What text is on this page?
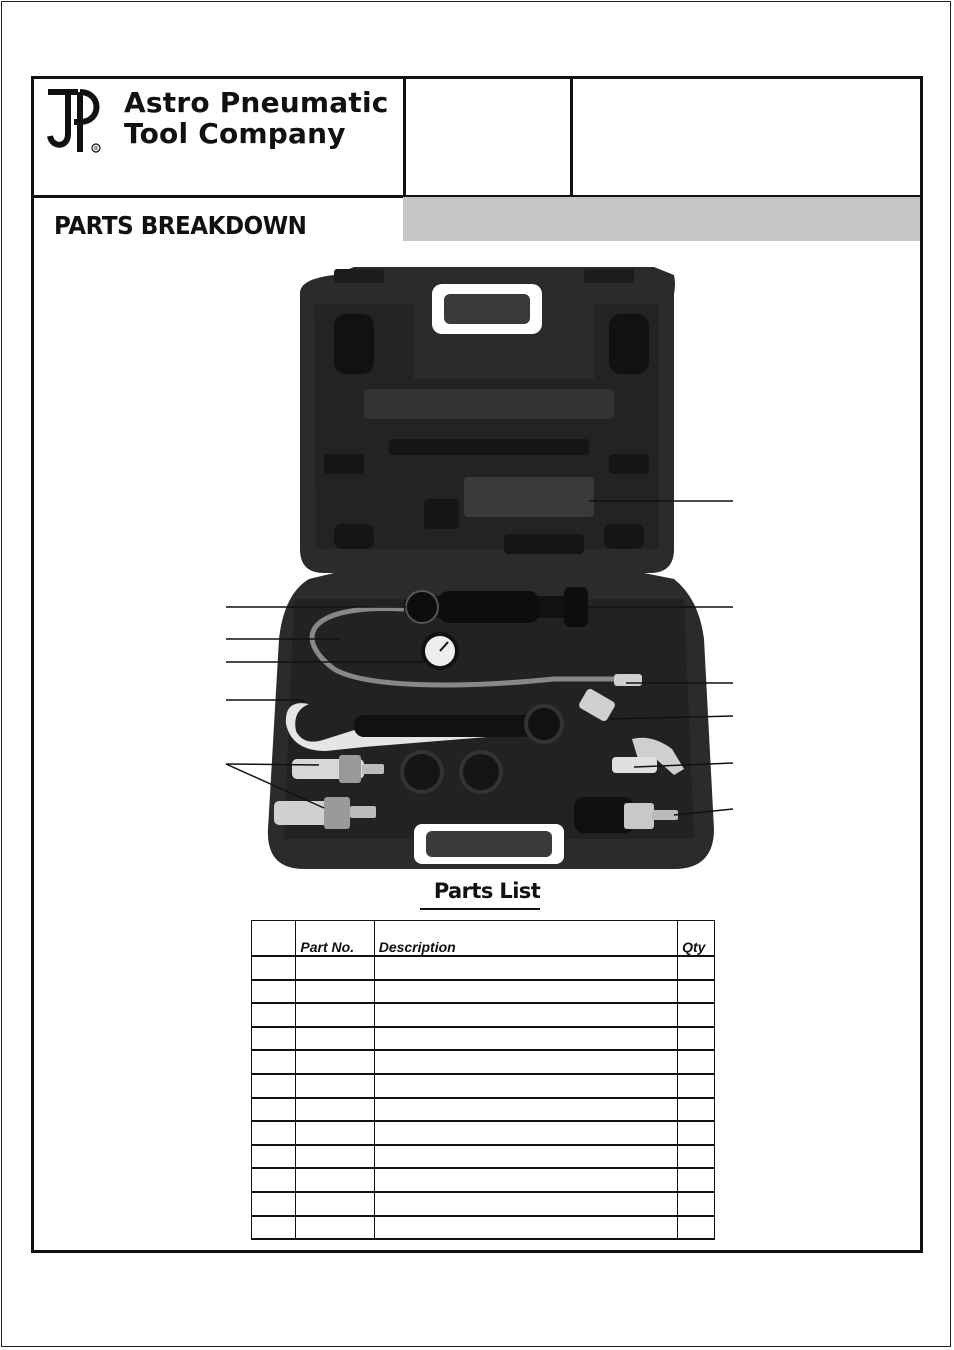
R
Astro Pneumatic
Tool Company
PARTS BREAKDOWN
Parts List
	Part No.	Description	Qty
